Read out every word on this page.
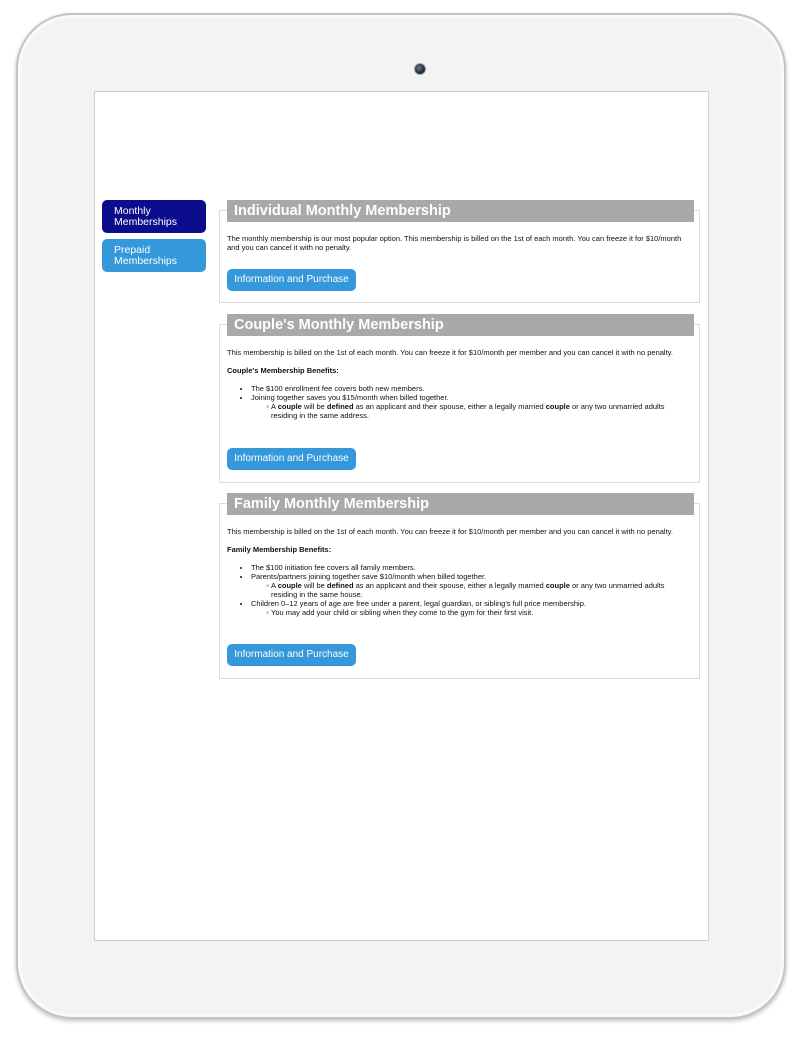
Monthly Memberships
Prepaid Memberships
Individual Monthly Membership

The monthly membership is our most popular option. This membership is billed on the 1st of each month. You can freeze it for $10/month and you can cancel it with no penalty.

Information and Purchase
Couple's Monthly Membership

This membership is billed on the 1st of each month. You can freeze it for $10/month per member and you can cancel it with no penalty.

Couple's Membership Benefits:

• The $100 enrollment fee covers both new members.
• Joining together saves you $15/month when billed together.
▫ A couple will be defined as an applicant and their spouse, either a legally married couple or any two unmarried adults residing in the same address.
Information and Purchase
Family Monthly Membership

This membership is billed on the 1st of each month. You can freeze it for $10/month per member and you can cancel it with no penalty.

Family Membership Benefits:

• The $100 initiation fee covers all family members.
• Parents/partners joining together save $10/month when billed together.
▫ A couple will be defined as an applicant and their spouse, either a legally married couple or any two unmarried adults residing in the same house.
• Children 0–12 years of age are free under a parent, legal guardian, or sibling's full price membership.
▫ You may add your child or sibling when they come to the gym for their first visit.
Information and Purchase
